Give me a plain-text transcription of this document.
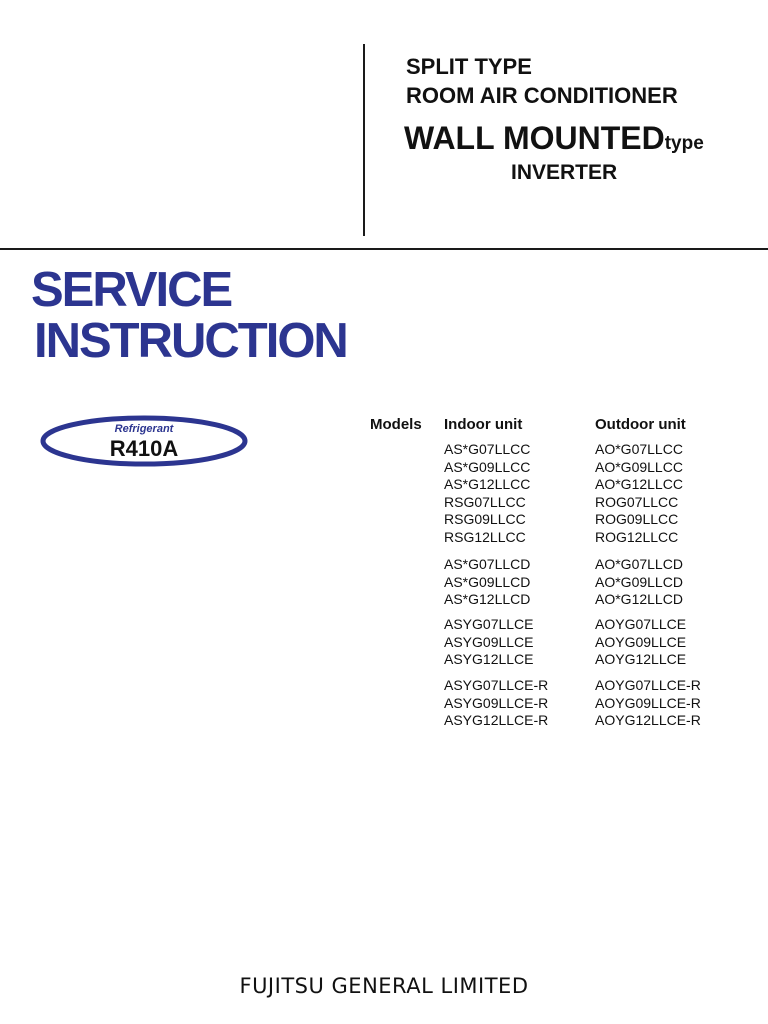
SPLIT TYPE
ROOM AIR CONDITIONER
WALL MOUNTEDtype
INVERTER
SERVICE
INSTRUCTION
Refrigerant
R410A
Models Indoor unit	Outdoor unit
AS*G07LLCC	AO*G07LLCC
AS*G09LLCC	AO*G09LLCC
AS*G12LLCC	AO*G12LLCC
RSG07LLCC	ROG07LLCC
RSG09LLCC	ROG09LLCC
RSG12LLCC	ROG12LLCC
AS*G07LLCD	AO*G07LLCD
AS*G09LLCD	AO*G09LLCD
AS*G12LLCD	AO*G12LLCD
ASYG07LLCE	AOYG07LLCE
ASYG09LLCE	AOYG09LLCE
ASYG12LLCE	AOYG12LLCE
ASYG07LLCE-R	AOYG07LLCE-R
ASYG09LLCE-R	AOYG09LLCE-R
ASYG12LLCE-R	AOYG12LLCE-R
FUJITSU GENERAL LIMITED
